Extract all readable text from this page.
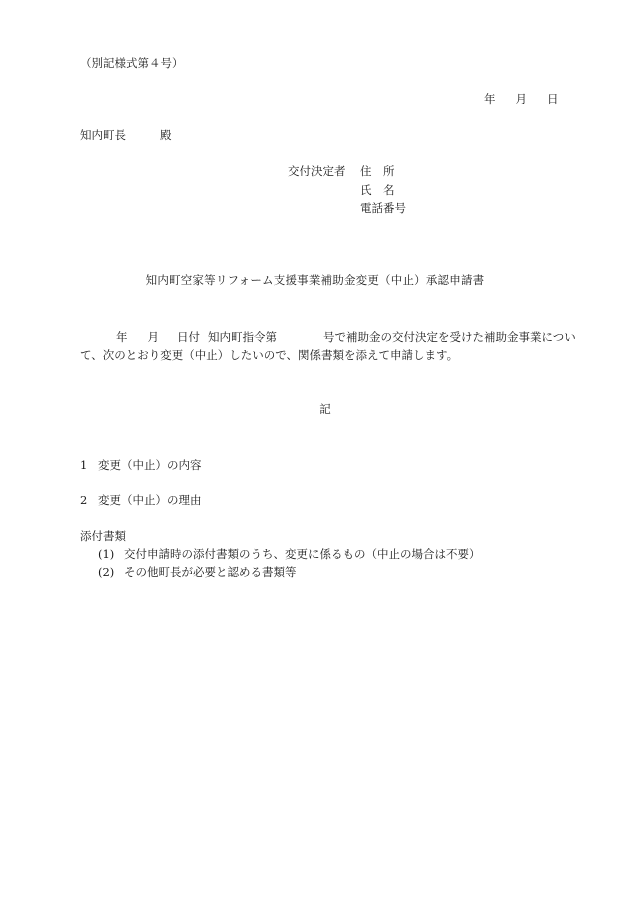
（別記様式第４号）
年 月 日
知内町長	殿
交付決定者 住　所
氏　名
電話番号
知内町空家等リフォーム支援事業補助金変更（中止）承認申請書
年 月 日付 知内町指令第	号で補助金の交付決定を受けた補助金事業について、次のとおり変更（中止）したいので、関係書類を添えて申請します。
記
1 変更（中止）の内容
2 変更（中止）の理由
添付書類
(1) 交付申請時の添付書類のうち、変更に係るもの（中止の場合は不要）
(2) その他町長が必要と認める書類等
